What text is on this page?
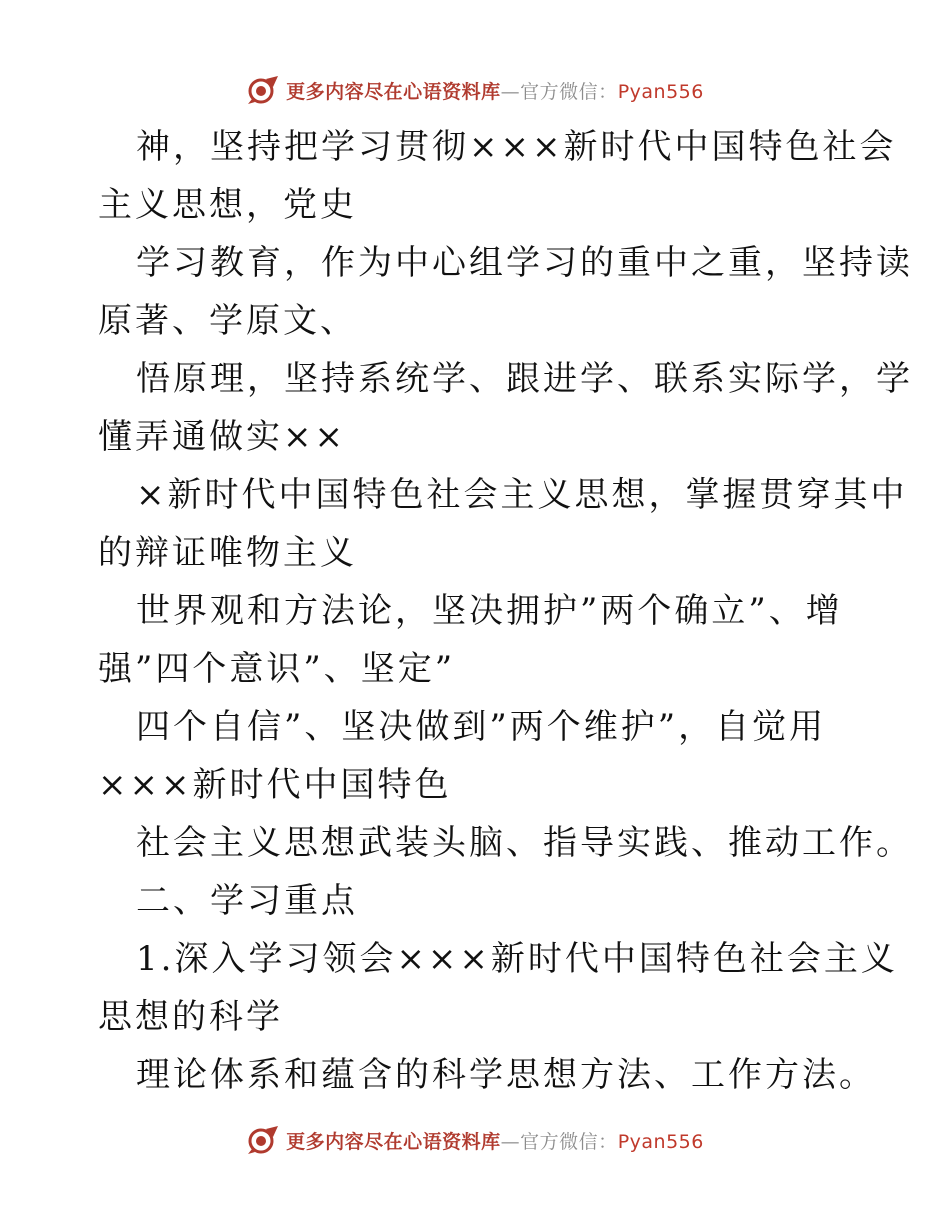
更多内容尽在心语资料库—官方微信：Pyan556
神，坚持把学习贯彻×××新时代中国特色社会
主义思想，党史
学习教育，作为中心组学习的重中之重，坚持读
原著、学原文、
悟原理，坚持系统学、跟进学、联系实际学，学
懂弄通做实××
×新时代中国特色社会主义思想，掌握贯穿其中
的辩证唯物主义
世界观和方法论，坚决拥护”两个确立”、增
强”四个意识”、坚定”
四个自信”、坚决做到”两个维护”，自觉用
×××新时代中国特色
社会主义思想武装头脑、指导实践、推动工作。
二、学习重点
1.深入学习领会×××新时代中国特色社会主义
思想的科学
理论体系和蕴含的科学思想方法、工作方法。
更多内容尽在心语资料库—官方微信：Pyan556
